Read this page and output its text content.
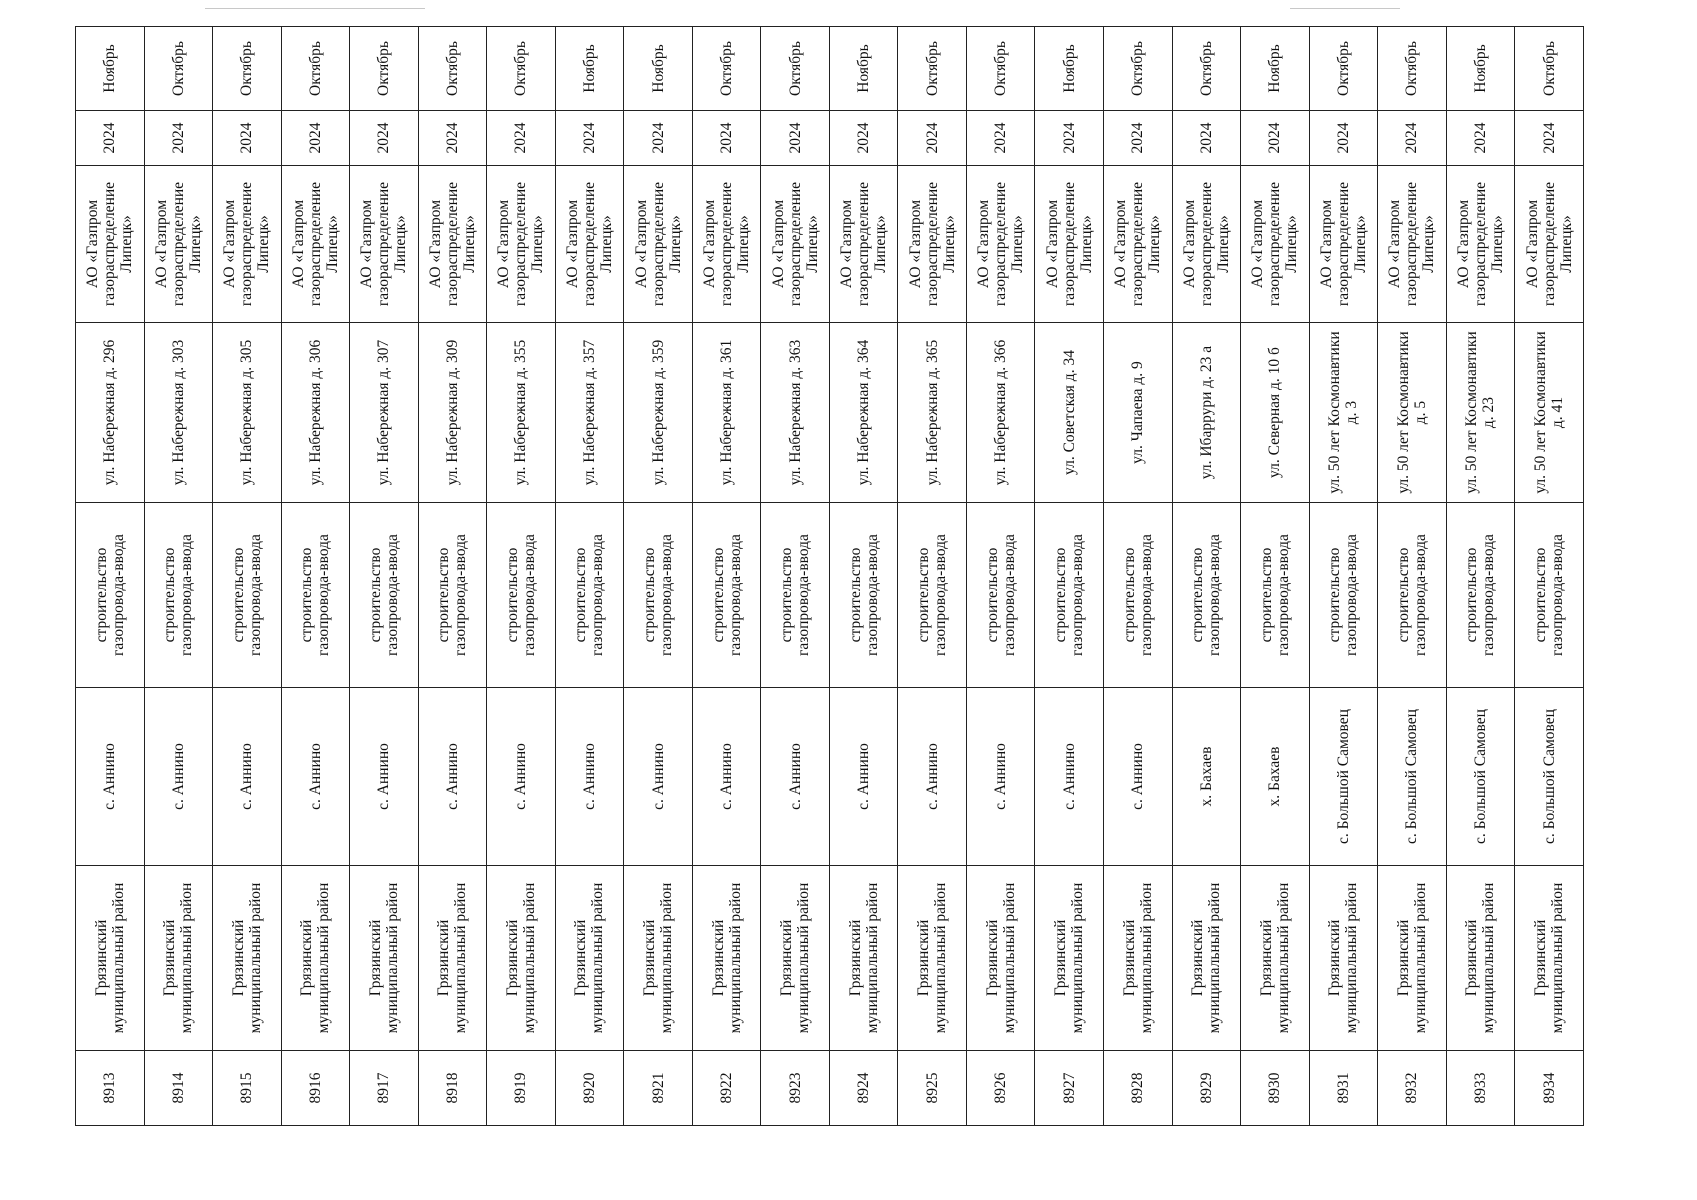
8913	Грязинский муниципальный район	с. Аннино	строительство газопровода-ввода	ул. Набережная д. 296	АО «Газпром газораспределение Липецк»	2024	Ноябрь
8914	Грязинский муниципальный район	с. Аннино	строительство газопровода-ввода	ул. Набережная д. 303	АО «Газпром газораспределение Липецк»	2024	Октябрь
8915	Грязинский муниципальный район	с. Аннино	строительство газопровода-ввода	ул. Набережная д. 305	АО «Газпром газораспределение Липецк»	2024	Октябрь
8916	Грязинский муниципальный район	с. Аннино	строительство газопровода-ввода	ул. Набережная д. 306	АО «Газпром газораспределение Липецк»	2024	Октябрь
8917	Грязинский муниципальный район	с. Аннино	строительство газопровода-ввода	ул. Набережная д. 307	АО «Газпром газораспределение Липецк»	2024	Октябрь
8918	Грязинский муниципальный район	с. Аннино	строительство газопровода-ввода	ул. Набережная д. 309	АО «Газпром газораспределение Липецк»	2024	Октябрь
8919	Грязинский муниципальный район	с. Аннино	строительство газопровода-ввода	ул. Набережная д. 355	АО «Газпром газораспределение Липецк»	2024	Октябрь
8920	Грязинский муниципальный район	с. Аннино	строительство газопровода-ввода	ул. Набережная д. 357	АО «Газпром газораспределение Липецк»	2024	Ноябрь
8921	Грязинский муниципальный район	с. Аннино	строительство газопровода-ввода	ул. Набережная д. 359	АО «Газпром газораспределение Липецк»	2024	Ноябрь
8922	Грязинский муниципальный район	с. Аннино	строительство газопровода-ввода	ул. Набережная д. 361	АО «Газпром газораспределение Липецк»	2024	Октябрь
8923	Грязинский муниципальный район	с. Аннино	строительство газопровода-ввода	ул. Набережная д. 363	АО «Газпром газораспределение Липецк»	2024	Октябрь
8924	Грязинский муниципальный район	с. Аннино	строительство газопровода-ввода	ул. Набережная д. 364	АО «Газпром газораспределение Липецк»	2024	Ноябрь
8925	Грязинский муниципальный район	с. Аннино	строительство газопровода-ввода	ул. Набережная д. 365	АО «Газпром газораспределение Липецк»	2024	Октябрь
8926	Грязинский муниципальный район	с. Аннино	строительство газопровода-ввода	ул. Набережная д. 366	АО «Газпром газораспределение Липецк»	2024	Октябрь
8927	Грязинский муниципальный район	с. Аннино	строительство газопровода-ввода	ул. Советская д. 34	АО «Газпром газораспределение Липецк»	2024	Ноябрь
8928	Грязинский муниципальный район	с. Аннино	строительство газопровода-ввода	ул. Чапаева д. 9	АО «Газпром газораспределение Липецк»	2024	Октябрь
8929	Грязинский муниципальный район	х. Бахаев	строительство газопровода-ввода	ул. Ибаррури д. 23 а	АО «Газпром газораспределение Липецк»	2024	Октябрь
8930	Грязинский муниципальный район	х. Бахаев	строительство газопровода-ввода	ул. Северная д. 10 б	АО «Газпром газораспределение Липецк»	2024	Ноябрь
8931	Грязинский муниципальный район	с. Большой Самовец	строительство газопровода-ввода	ул. 50 лет Космонавтики д. 3	АО «Газпром газораспределение Липецк»	2024	Октябрь
8932	Грязинский муниципальный район	с. Большой Самовец	строительство газопровода-ввода	ул. 50 лет Космонавтики д. 5	АО «Газпром газораспределение Липецк»	2024	Октябрь
8933	Грязинский муниципальный район	с. Большой Самовец	строительство газопровода-ввода	ул. 50 лет Космонавтики д. 23	АО «Газпром газораспределение Липецк»	2024	Ноябрь
8934	Грязинский муниципальный район	с. Большой Самовец	строительство газопровода-ввода	ул. 50 лет Космонавтики д. 41	АО «Газпром газораспределение Липецк»	2024	Октябрь
